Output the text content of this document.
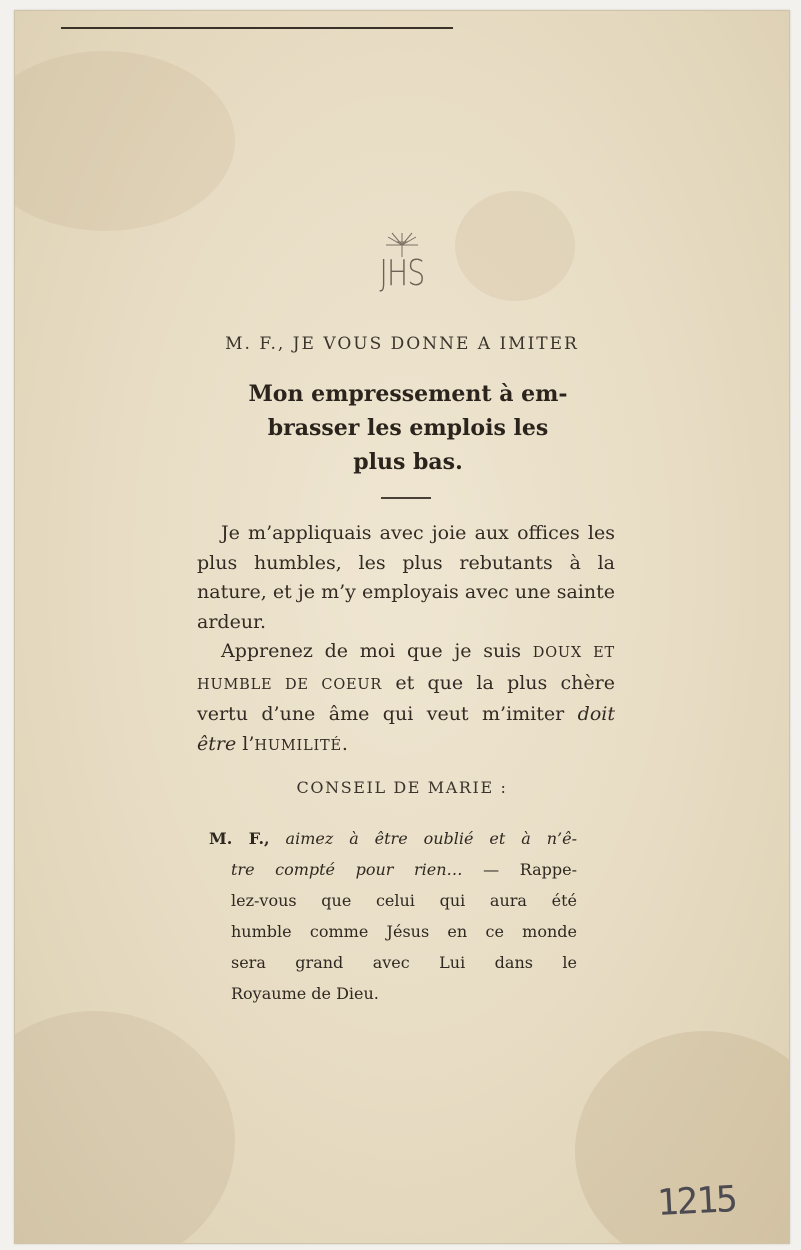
JHS
M. F., JE VOUS DONNE A IMITER
Mon empressement à em-
brasser les emplois les
plus bas.

Je m’appliquais avec joie aux offices les plus humbles, les plus rebutants à la nature, et je m’y employais avec une sainte ardeur.

Apprenez de moi que je suis DOUX ET HUMBLE DE COEUR et que la plus chère vertu d’une âme qui veut m’imiter doit être l’HUMILITÉ.

CONSEIL DE MARIE :
M. F., aimez à être oublié et à n’ê-
tre compté pour rien… — Rappe-
lez-vous que celui qui aura été
humble comme Jésus en ce monde
sera grand avec Lui dans le
Royaume de Dieu.
1215
